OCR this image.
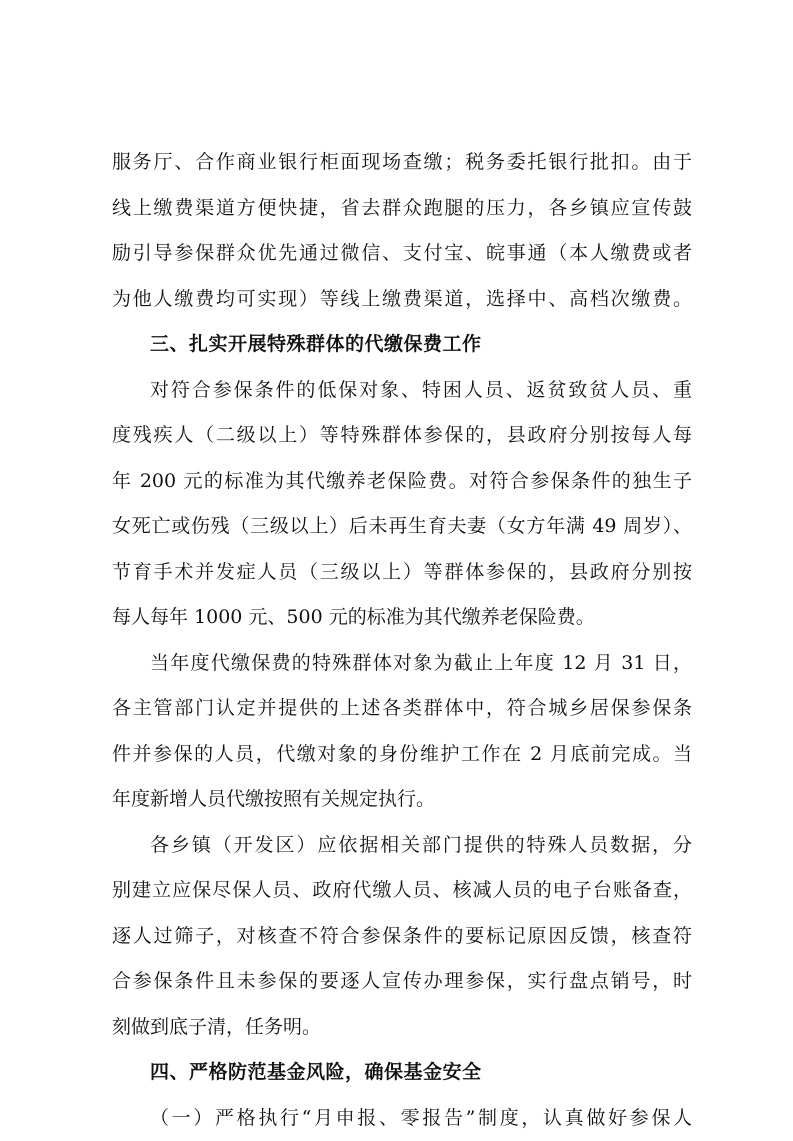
服务厅、合作商业银行柜面现场查缴；税务委托银行批扣。由于
线上缴费渠道方便快捷，省去群众跑腿的压力，各乡镇应宣传鼓
励引导参保群众优先通过微信、支付宝、皖事通（本人缴费或者
为他人缴费均可实现）等线上缴费渠道，选择中、高档次缴费。
三、扎实开展特殊群体的代缴保费工作
对符合参保条件的低保对象、特困人员、返贫致贫人员、重
度残疾人（二级以上）等特殊群体参保的，县政府分别按每人每
年 200 元的标准为其代缴养老保险费。对符合参保条件的独生子
女死亡或伤残（三级以上）后未再生育夫妻（女方年满 49 周岁）、
节育手术并发症人员（三级以上）等群体参保的，县政府分别按
每人每年 1000 元、500 元的标准为其代缴养老保险费。
当年度代缴保费的特殊群体对象为截止上年度 12 月 31 日，
各主管部门认定并提供的上述各类群体中，符合城乡居保参保条
件并参保的人员，代缴对象的身份维护工作在 2 月底前完成。当
年度新增人员代缴按照有关规定执行。
各乡镇（开发区）应依据相关部门提供的特殊人员数据，分
别建立应保尽保人员、政府代缴人员、核减人员的电子台账备查，
逐人过筛子，对核查不符合参保条件的要标记原因反馈，核查符
合参保条件且未参保的要逐人宣传办理参保，实行盘点销号，时
刻做到底子清，任务明。
四、严格防范基金风险，确保基金安全
（一）严格执行“月申报、零报告”制度，认真做好参保人
